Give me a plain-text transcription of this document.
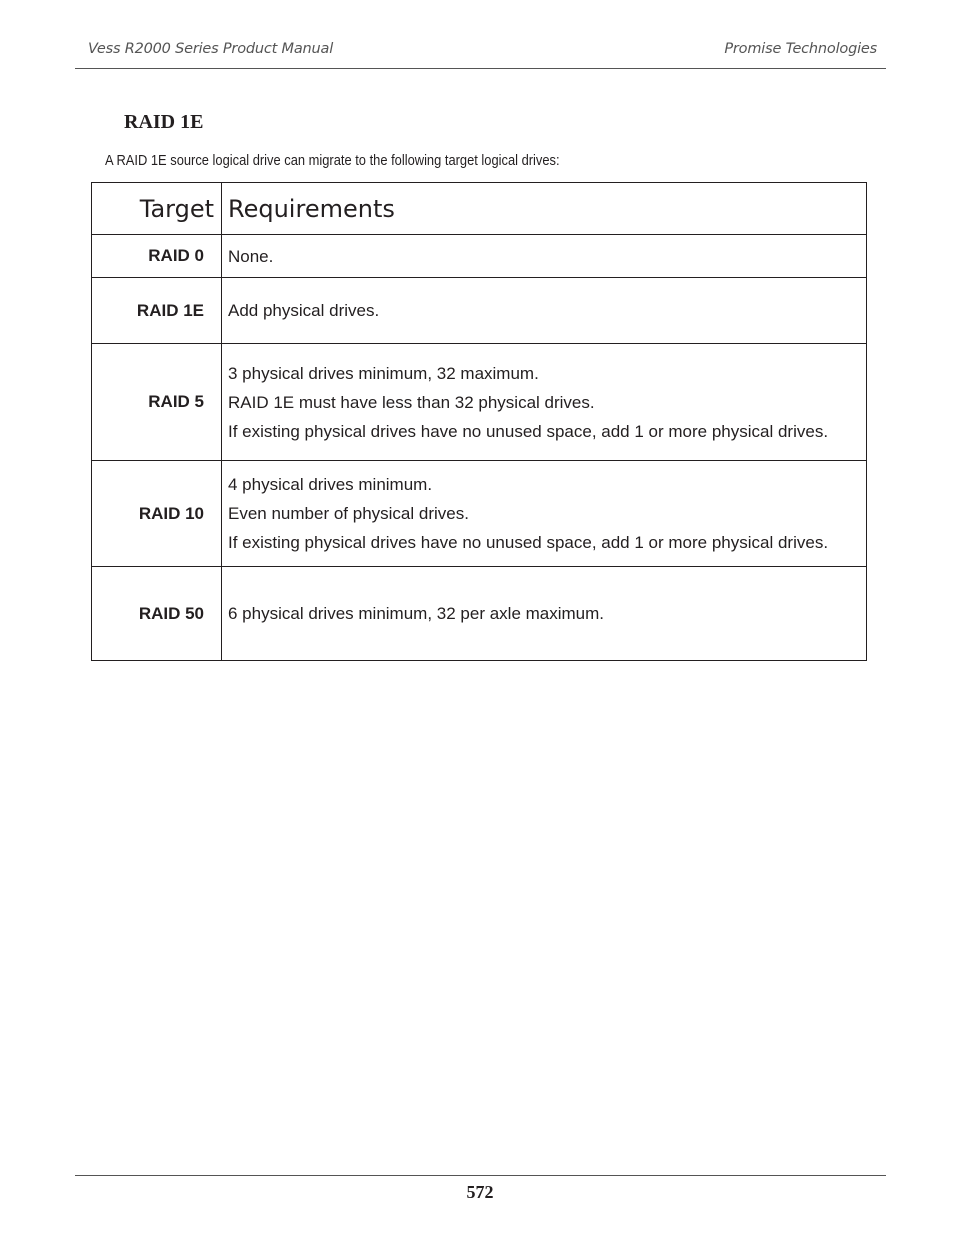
Vess R2000 Series Product Manual	Promise Technologies
RAID 1E
A RAID 1E source logical drive can migrate to the following target logical drives:
Target	Requirements
RAID 0	None.

RAID 1E	Add physical drives.

RAID 5	3 physical drives minimum, 32 maximum.
RAID 1E must have less than 32 physical drives.
If existing physical drives have no unused space, add 1 or more physical drives.

RAID 10	4 physical drives minimum.
Even number of physical drives.
If existing physical drives have no unused space, add 1 or more physical drives.

RAID 50	6 physical drives minimum, 32 per axle maximum.
572
